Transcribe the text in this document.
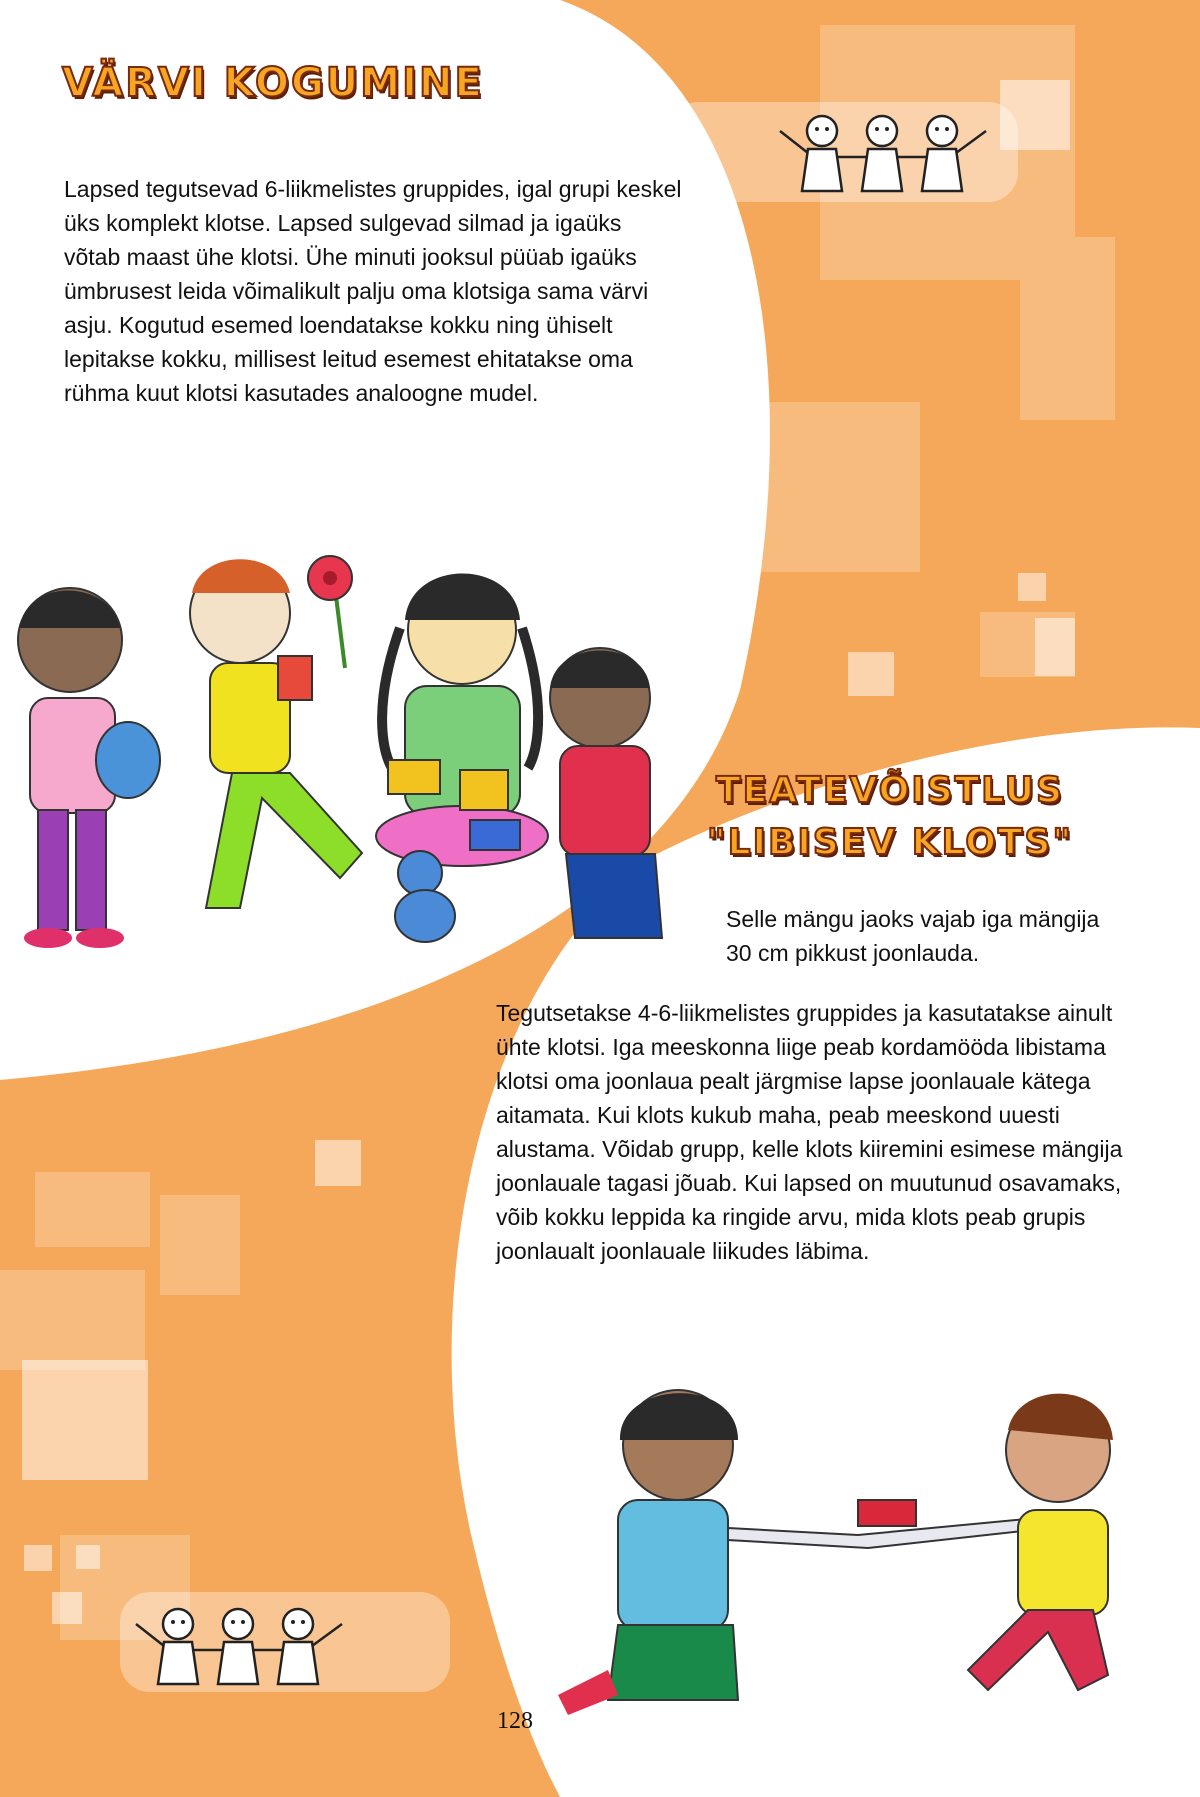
VÄRVI KOGUMINE

Lapsed tegutsevad 6-liikmelistes gruppides, igal grupi keskel üks komplekt klotse. Lapsed sulgevad silmad ja igaüks võtab maast ühe klotsi. Ühe minuti jooksul püüab igaüks ümbrusest leida võimalikult palju oma klotsiga sama värvi asju. Kogutud esemed loendatakse kokku ning ühiselt lepitakse kokku, millisest leitud esemest ehitatakse oma rühma kuut klotsi kasutades analoogne mudel.

TEATEVÕISTLUS
"LIBISEV KLOTS"

Selle mängu jaoks vajab iga mängija 30 cm pikkust joonlauda.

Tegutsetakse 4-6-liikmelistes gruppides ja kasutatakse ainult ühte klotsi. Iga meeskonna liige peab kordamööda libistama klotsi oma joonlaua pealt järgmise lapse joonlauale kätega aitamata. Kui klots kukub maha, peab meeskond uuesti alustama. Võidab grupp, kelle klots kiiremini esimese mängija joonlauale tagasi jõuab. Kui lapsed on muutunud osavamaks, võib kokku leppida ka ringide arvu, mida klots peab grupis joonlaualt joonlauale liikudes läbima.

128
